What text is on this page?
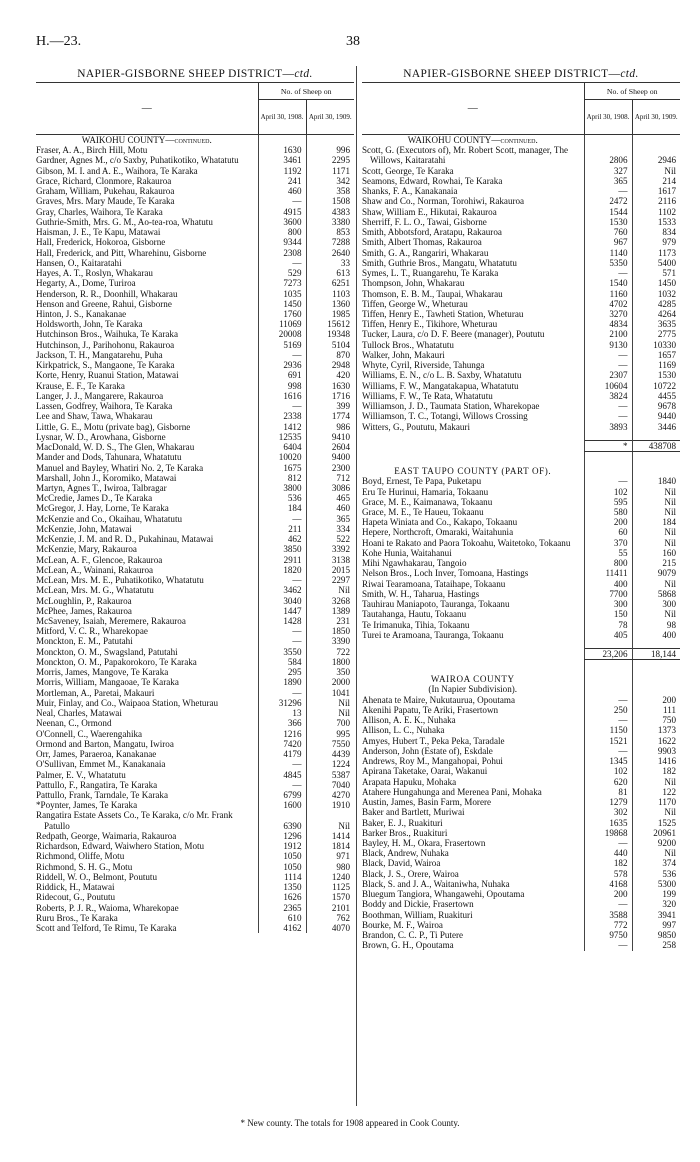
H.—23.	38
NAPIER-GISBORNE SHEEP DISTRICT—ctd.
—	No. of Sheep on	
	April 30, 1908.	April 30, 1909.
WAIKOHU COUNTY—continued.		
Fraser, A. A., Birch Hill, Motu	1630	996
Gardner, Agnes M., c/o Saxby, Puhatikotiko, Whatatutu	3461	2295
Gibson, M. I. and A. E., Waihora, Te Karaka	1192	1171
Grace, Richard, Clonmore, Rakauroa	241	342
Graham, William, Pukehau, Rakauroa	460	358
Graves, Mrs. Mary Maude, Te Karaka	—	1508
Gray, Charles, Waihora, Te Karaka	4915	4383
Guthrie-Smith, Mrs. G. M., Ao-tea-roa, Whatutu	3600	3380
Haisman, J. E., Te Kapu, Matawai	800	853
Hall, Frederick, Hokoroa, Gisborne	9344	7288
Hall, Frederick, and Pitt, Wharehinu, Gisborne	2308	2640
Hansen, O., Kaitaratahi	—	33
Hayes, A. T., Roslyn, Whakarau	529	613
Hegarty, A., Dome, Turiroa	7273	6251
Henderson, R. R., Doonhill, Whakarau	1035	1103
Henson and Greene, Rahui, Gisborne	1450	1360
Hinton, J. S., Kanakanae	1760	1985
Holdsworth, John, Te Karaka	11069	15612
Hutchinson Bros., Waihuka, Te Karaka	20008	19348
Hutchinson, J., Parihohonu, Rakauroa	5169	5104
Jackson, T. H., Mangatarehu, Puha	—	870
Kirkpatrick, S., Mangaone, Te Karaka	2936	2948
Korte, Henry, Ruanui Station, Matawai	691	420
Krause, E. F., Te Karaka	998	1630
Langer, J. J., Mangarere, Rakauroa	1616	1716
Lassen, Godfrey, Waihora, Te Karaka	—	399
Lee and Shaw, Tawa, Whakarau	2338	1774
Little, G. E., Motu (private bag), Gisborne	1412	986
Lysnar, W. D., Arowhana, Gisborne	12535	9410
MacDonald, W. D. S., The Glen, Whakarau	6404	2604
Mander and Dods, Tahunara, Whatatutu	10020	9400
Manuel and Bayley, Whatiri No. 2, Te Karaka	1675	2300
Marshall, John J., Koromiko, Matawai	812	712
Martyn, Agnes T., Iwiroa, Talbragar	3800	3086
McCredie, James D., Te Karaka	536	465
McGregor, J. Hay, Lorne, Te Karaka	184	460
McKenzie and Co., Okaihau, Whatatutu	—	365
McKenzie, John, Matawai	211	334
McKenzie, J. M. and R. D., Pukahinau, Matawai	462	522
McKenzie, Mary, Rakauroa	3850	3392
McLean, A. F., Glencoe, Rakauroa	2911	3138
McLean, A., Wainani, Rakauroa	1820	2015
McLean, Mrs. M. E., Puhatikotiko, Whatatutu	—	2297
McLean, Mrs. M. G., Whatatutu	3462	Nil
McLoughlin, P., Rakauroa	3040	3268
McPhee, James, Rakauroa	1447	1389
McSaveney, Isaiah, Meremere, Rakauroa	1428	231
Mitford, V. C. R., Wharekopae	—	1850
Monckton, E. M., Patutahi	—	3390
Monckton, O. M., Swagsland, Patutahi	3550	722
Monckton, O. M., Papakorokoro, Te Karaka	584	1800
Morris, James, Mangove, Te Karaka	295	350
Morris, William, Mangaoae, Te Karaka	1890	2000
Mortleman, A., Paretai, Makauri	—	1041
Muir, Finlay, and Co., Waipaoa Station, Wheturau	31296	Nil
Neal, Charles, Matawai	13	Nil
Neenan, C., Ormond	366	700
O'Connell, C., Waerengahika	1216	995
Ormond and Barton, Mangatu, Iwiroa	7420	7550
Orr, James, Paraeroa, Kanakanae	4179	4439
O'Sullivan, Emmet M., Kanakanaia	—	1224
Palmer, E. V., Whatatutu	4845	5387
Pattullo, F., Rangatira, Te Karaka	—	7040
Pattullo, Frank, Tarndale, Te Karaka	6799	4270
*Poynter, James, Te Karaka	1600	1910
Rangatira Estate Assets Co., Te Karaka, c/o Mr. Frank Patullo	6390	Nil
Redpath, George, Waimaria, Rakauroa	1296	1414
Richardson, Edward, Waiwhero Station, Motu	1912	1814
Richmond, Oliffe, Motu	1050	971
Richmond, S. H. G., Motu	1050	980
Riddell, W. O., Belmont, Poututu	1114	1240
Riddick, H., Matawai	1350	1125
Ridecout, G., Poututu	1626	1570
Roberts, P. J. R., Waioma, Wharekopae	2365	2101
Ruru Bros., Te Karaka	610	762
Scott and Telford, Te Rimu, Te Karaka	4162	4070
NAPIER-GISBORNE SHEEP DISTRICT—ctd.
—	No. of Sheep on	
	April 30, 1908.	April 30, 1909.
WAIKOHU COUNTY—continued.		
Scott, G. (Executors of), Mr. Robert Scott, manager, The Willows, Kaitaratahi	2806	2946
Scott, George, Te Karaka	327	Nil
Seamons, Edward, Rowhai, Te Karaka	365	214
Shanks, F. A., Kanakanaia	—	1617
Shaw and Co., Norman, Torohiwi, Rakauroa	2472	2116
Shaw, William E., Hikutai, Rakauroa	1544	1102
Sherriff, F. L. O., Tawai, Gisborne	1530	1533
Smith, Abbotsford, Aratapu, Rakauroa	760	834
Smith, Albert Thomas, Rakauroa	967	979
Smith, G. A., Rangariri, Whakarau	1140	1173
Smith, Guthrie Bros., Mangatu, Whatatutu	5350	5400
Symes, L. T., Ruangarehu, Te Karaka	—	571
Thompson, John, Whakarau	1540	1450
Thomson, E. B. M., Taupai, Whakarau	1160	1032
Tiffen, George W., Wheturau	4702	4285
Tiffen, Henry E., Tawheti Station, Wheturau	3270	4264
Tiffen, Henry E., Tikihore, Wheturau	4834	3635
Tucker, Laura, c/o D. F. Beere (manager), Poututu	2100	2775
Tullock Bros., Whatatutu	9130	10330
Walker, John, Makauri	—	1657
Whyte, Cyril, Riverside, Tahunga	—	1169
Williams, E. N., c/o L. B. Saxby, Whatatutu	2307	1530
Williams, F. W., Mangatakapua, Whatatutu	10604	10722
Williams, F. W., Te Rata, Whatatutu	3824	4455
Williamson, J. D., Taumata Station, Wharekopae	—	9678
Williamson, T. C., Totangi, Willows Crossing	—	9440
Witters, G., Poututu, Makauri	3893	3446

	*	438708

EAST TAUPO COUNTY (PART OF).		
Boyd, Ernest, Te Papa, Puketapu	—	1840
Eru Te Hurinui, Hamaria, Tokaanu	102	Nil
Grace, M. E., Kaimanawa, Tokaanu	595	Nil
Grace, M. E., Te Haueu, Tokaanu	580	Nil
Hapeta Winiata and Co., Kakapo, Tokaanu	200	184
Hepere, Northcroft, Omaraki, Waitahunia	60	Nil
Hoani te Rakato and Paora Tokoahu, Waitetoko, Tokaanu	370	Nil
Kohe Hunia, Waitahanui	55	160
Mihi Ngawhakarau, Tangoio	800	215
Nelson Bros., Loch Inver, Tomoana, Hastings	11411	9079
Riwai Tearamoana, Tataihape, Tokaanu	400	Nil
Smith, W. H., Taharua, Hastings	7700	5868
Tauhirau Maniapoto, Tauranga, Tokaanu	300	300
Tautahanga, Hautu, Tokaanu	150	Nil
Te Irimanuka, Tihia, Tokaanu	78	98
Turei te Aramoana, Tauranga, Tokaanu	405	400

	23,206	18,144

WAIROA COUNTY		
(In Napier Subdivision).		
Ahenata te Maire, Nukutaurua, Opoutama	—	200
Akenihi Papatu, Te Ariki, Frasertown	250	111
Allison, A. E. K., Nuhaka	—	750
Allison, L. C., Nuhaka	1150	1373
Amyes, Hubert T., Peka Peka, Taradale	1521	1622
Anderson, John (Estate of), Eskdale	—	9903
Andrews, Roy M., Mangahopai, Pohui	1345	1416
Apirana Taketake, Oarai, Wakanui	102	182
Arapata Hapuku, Mohaka	620	Nil
Atahere Hungahunga and Merenea Pani, Mohaka	81	122
Austin, James, Basin Farm, Morere	1279	1170
Baker and Bartlett, Muriwai	302	Nil
Baker, E. J., Ruakituri	1635	1525
Barker Bros., Ruakituri	19868	20961
Bayley, H. M., Okara, Frasertown	—	9200
Black, Andrew, Nuhaka	440	Nil
Black, David, Wairoa	182	374
Black, J. S., Orere, Wairoa	578	536
Black, S. and J. A., Waitaniwha, Nuhaka	4168	5300
Bluegum Tangiora, Whangawehi, Opoutama	200	199
Boddy and Dickie, Frasertown	—	320
Boothman, William, Ruakituri	3588	3941
Bourke, M. F., Wairoa	772	997
Brandon, C. C. P., Ti Putere	9750	9850
Brown, G. H., Opoutama	—	258
* New county. The totals for 1908 appeared in Cook County.
